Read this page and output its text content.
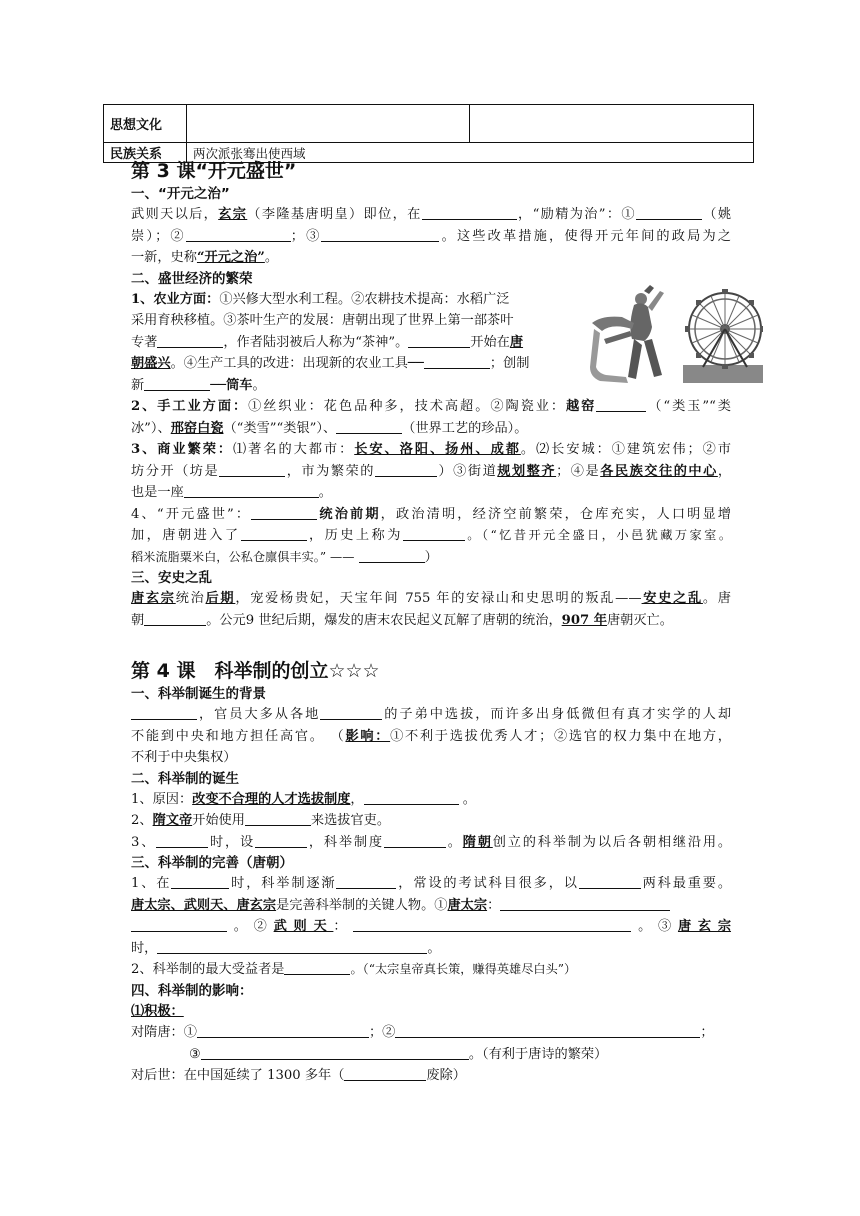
思想文化		
民族关系	两次派张骞出使西域	
第 3 课“开元盛世”
一、“开元之治”
武则天以后，玄宗（李隆基唐明皇）即位，在	，“励精为治”：①	（姚
崇）；②	；③	。这些改革措施，使得开元年间的政局为之
一新，史称“开元之治”。
二、盛世经济的繁荣
1、农业方面：①兴修大型水利工程。②农耕技术提高：水稻广泛
采用育秧移植。③茶叶生产的发展：唐朝出现了世界上第一部茶叶
专著	，作者陆羽被后人称为“茶神”。	开始在唐
朝盛兴。④生产工具的改进：出现新的农业工具──	；创制
新	──筒车。
2、手工业方面：①丝织业：花色品种多，技术高超。②陶瓷业：越窑	（“类玉”“类
冰”）、邢窑白瓷（“类雪”“类银”）、	（世界工艺的珍品）。
3、商业繁荣：⑴著名的大都市：长安、洛阳、扬州、成都。⑵长安城：①建筑宏伟；②市
坊分开（坊是	，市为繁荣的	）③街道规划整齐；④是各民族交往的中心，
也是一座	。
4、“开元盛世”：	统治前期，政治清明，经济空前繁荣，仓库充实，人口明显增
加，唐朝进入了	，历史上称为	。（“忆昔开元全盛日，小邑犹藏万家室。
稻米流脂粟米白，公私仓廪俱丰实。” ——	）
三、安史之乱
唐玄宗统治后期，宠爱杨贵妃，天宝年间 755 年的安禄山和史思明的叛乱——安史之乱。唐
朝	。公元9 世纪后期，爆发的唐末农民起义瓦解了唐朝的统治，907 年唐朝灭亡。
第 4 课　科举制的创立☆☆☆
一、科举制诞生的背景
，官员大多从各地	的子弟中选拔，而许多出身低微但有真才实学的人却
不能到中央和地方担任高官。 （影响：①不利于选拔优秀人才；②选官的权力集中在地方，
不利于中央集权）
二、科举制的诞生
1、原因：改变不合理的人才选拔制度，	。
2、隋文帝开始使用	来选拔官吏。
3、	时，设	，科举制度	。隋朝创立的科举制为以后各朝相继沿用。
三、科举制的完善（唐朝）
1、在	时，科举制逐渐	，常设的考试科目很多，以	两科最重要。
唐太宗、武则天、唐玄宗是完善科举制的关键人物。①唐太宗：
。②武则天：	。③唐玄宗
时，	。
2、科举制的最大受益者是	。（“太宗皇帝真长策，赚得英雄尽白头”）
四、科举制的影响：
⑴积极：
对隋唐：①	；②	；
③	。（有利于唐诗的繁荣）
对后世：在中国延续了 1300 多年（	废除）
